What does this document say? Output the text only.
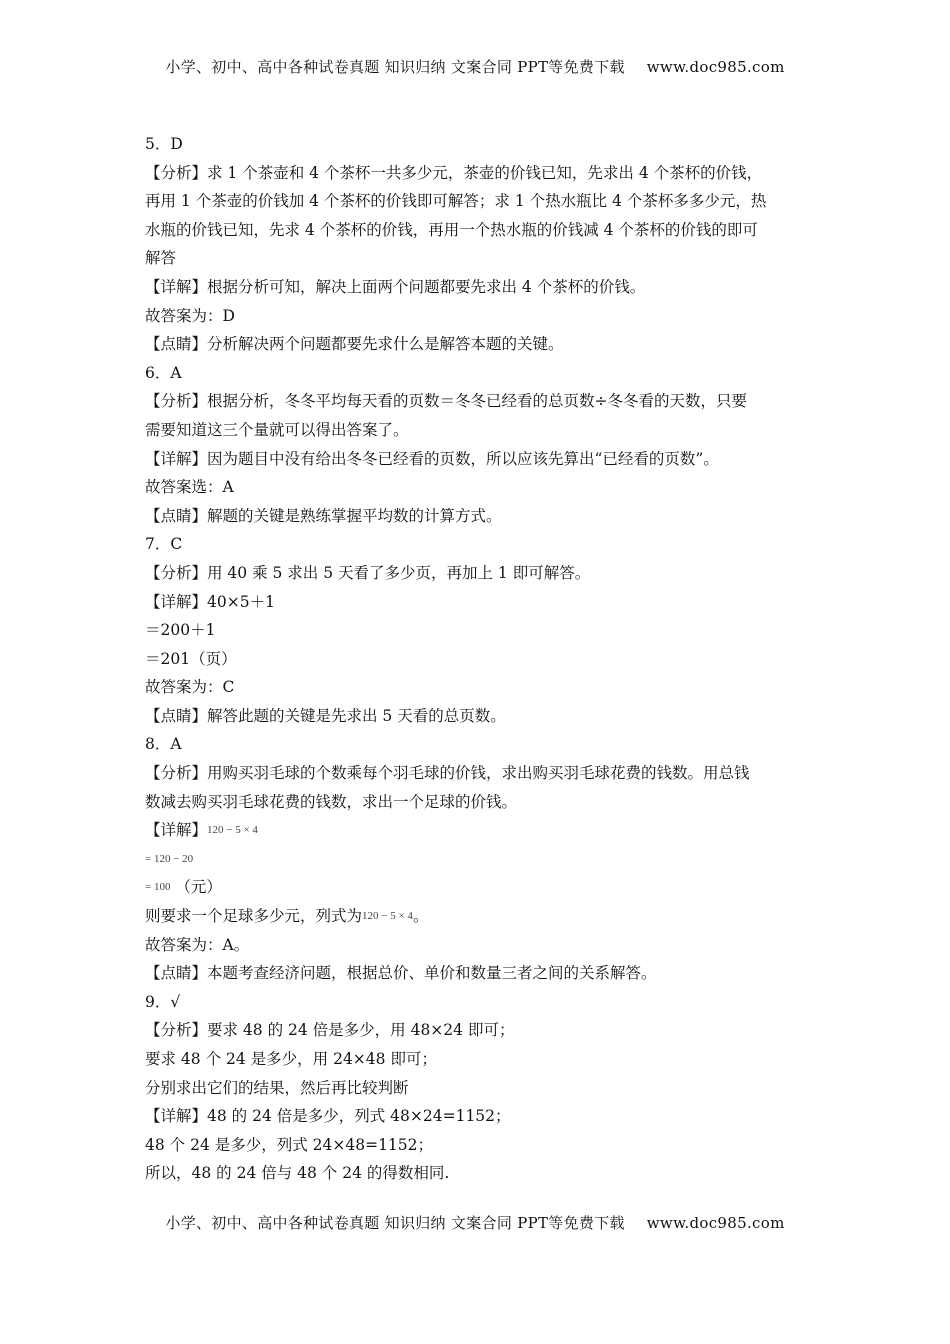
小学、初中、高中各种试卷真题 知识归纳 文案合同 PPT等免费下载 www.doc985.com
5．D
【分析】求 1 个茶壶和 4 个茶杯一共多少元，茶壶的价钱已知，先求出 4 个茶杯的价钱，
再用 1 个茶壶的价钱加 4 个茶杯的价钱即可解答；求 1 个热水瓶比 4 个茶杯多多少元，热
水瓶的价钱已知，先求 4 个茶杯的价钱，再用一个热水瓶的价钱减 4 个茶杯的价钱的即可
解答
【详解】根据分析可知，解决上面两个问题都要先求出 4 个茶杯的价钱。
故答案为：D
【点睛】分析解决两个问题都要先求什么是解答本题的关键。
6．A
【分析】根据分析，冬冬平均每天看的页数＝冬冬已经看的总页数÷冬冬看的天数，只要
需要知道这三个量就可以得出答案了。
【详解】因为题目中没有给出冬冬已经看的页数，所以应该先算出“已经看的页数”。
故答案选：A
【点睛】解题的关键是熟练掌握平均数的计算方式。
7．C
【分析】用 40 乘 5 求出 5 天看了多少页，再加上 1 即可解答。
【详解】40×5＋1
＝200＋1
＝201（页）
故答案为：C
【点睛】解答此题的关键是先求出 5 天看的总页数。
8．A
【分析】用购买羽毛球的个数乘每个羽毛球的价钱，求出购买羽毛球花费的钱数。用总钱
数减去购买羽毛球花费的钱数，求出一个足球的价钱。
【详解】120 − 5 × 4
= 120 − 20
= 100 （元）
则要求一个足球多少元，列式为120 − 5 × 4。
故答案为：A。
【点睛】本题考查经济问题，根据总价、单价和数量三者之间的关系解答。
9．√
【分析】要求 48 的 24 倍是多少，用 48×24 即可；
要求 48 个 24 是多少，用 24×48 即可；
分别求出它们的结果，然后再比较判断
【详解】48 的 24 倍是多少，列式 48×24=1152；
48 个 24 是多少，列式 24×48=1152；
所以，48 的 24 倍与 48 个 24 的得数相同.
小学、初中、高中各种试卷真题 知识归纳 文案合同 PPT等免费下载 www.doc985.com
